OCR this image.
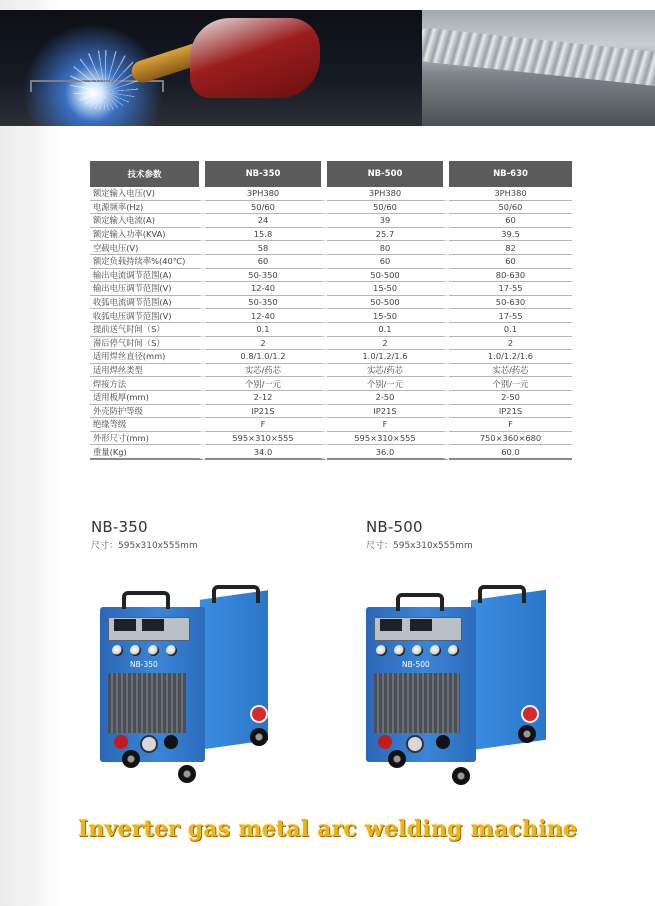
技术参数	NB-350	NB-500	NB-630
额定输入电压(V)	3PH380	3PH380	3PH380
电源频率(Hz)	50/60	50/60	50/60
额定输入电流(A)	24	39	60
额定输入功率(KVA)	15.8	25.7	39.5
空载电压(V)	58	80	82
额定负载持续率%(40℃)	60	60	60
输出电流调节范围(A)	50-350	50-500	80-630
输出电压调节范围(V)	12-40	15-50	17-55
收弧电流调节范围(A)	50-350	50-500	50-630
收弧电压调节范围(V)	12-40	15-50	17-55
提前送气时间（S）	0.1	0.1	0.1
滞后停气时间（S）	2	2	2
适用焊丝直径(mm)	0.8/1.0/1.2	1.0/1.2/1.6	1.0/1.2/1.6
适用焊丝类型	实芯/药芯	实芯/药芯	实芯/药芯
焊接方法	个别/一元	个别/一元	个别/一元
适用板厚(mm)	2-12	2-50	2-50
外壳防护等级	IP21S	IP21S	IP21S
绝缘等级	F	F	F
外形尺寸(mm)	595×310×555	595×310×555	750×360×680
重量(Kg)	34.0	36.0	60.0
NB-350
尺寸：595x310x555mm
NB-500
尺寸：595x310x555mm
NB-350	NB-500
Inverter gas metal arc welding machine
